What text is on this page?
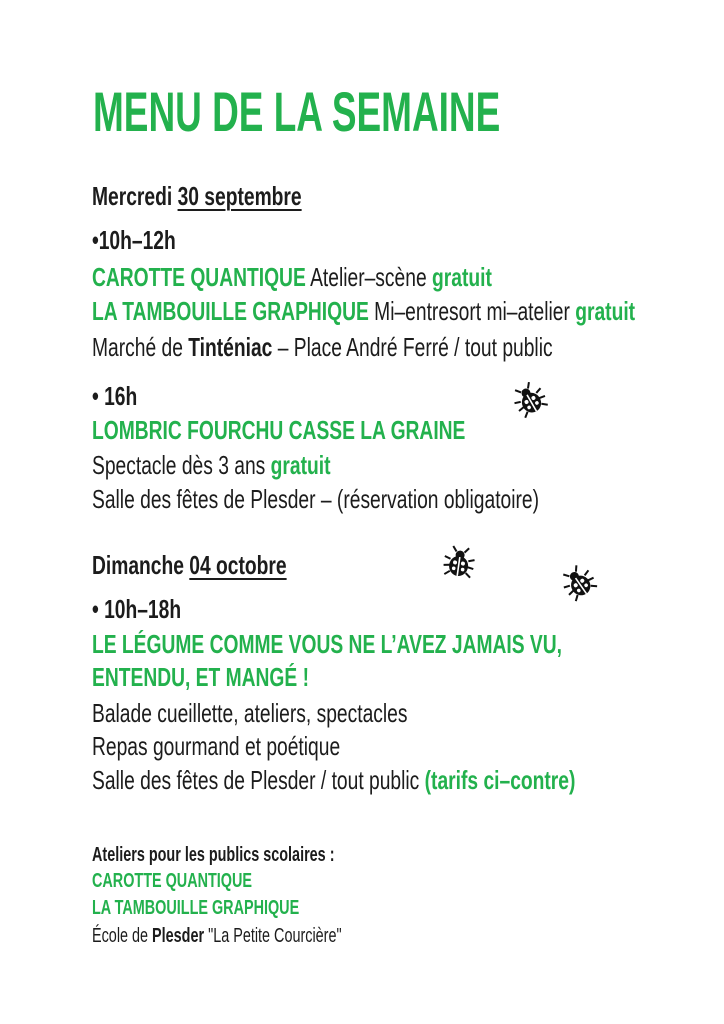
MENU DE LA SEMAINE
Mercredi 30 septembre
•10h–12h
CAROTTE QUANTIQUE Atelier–scène gratuit
LA TAMBOUILLE GRAPHIQUE Mi–entresort mi–atelier gratuit
Marché de Tinténiac – Place André Ferré / tout public
• 16h
LOMBRIC FOURCHU CASSE LA GRAINE
Spectacle dès 3 ans gratuit
Salle des fêtes de Plesder – (réservation obligatoire)
Dimanche 04 octobre
• 10h–18h
LE LÉGUME COMME VOUS NE L’AVEZ JAMAIS VU,
ENTENDU, ET MANGÉ !
Balade cueillette, ateliers, spectacles
Repas gourmand et poétique
Salle des fêtes de Plesder / tout public (tarifs ci–contre)
Ateliers pour les publics scolaires :
CAROTTE QUANTIQUE
LA TAMBOUILLE GRAPHIQUE
École de Plesder "La Petite Courcière"
